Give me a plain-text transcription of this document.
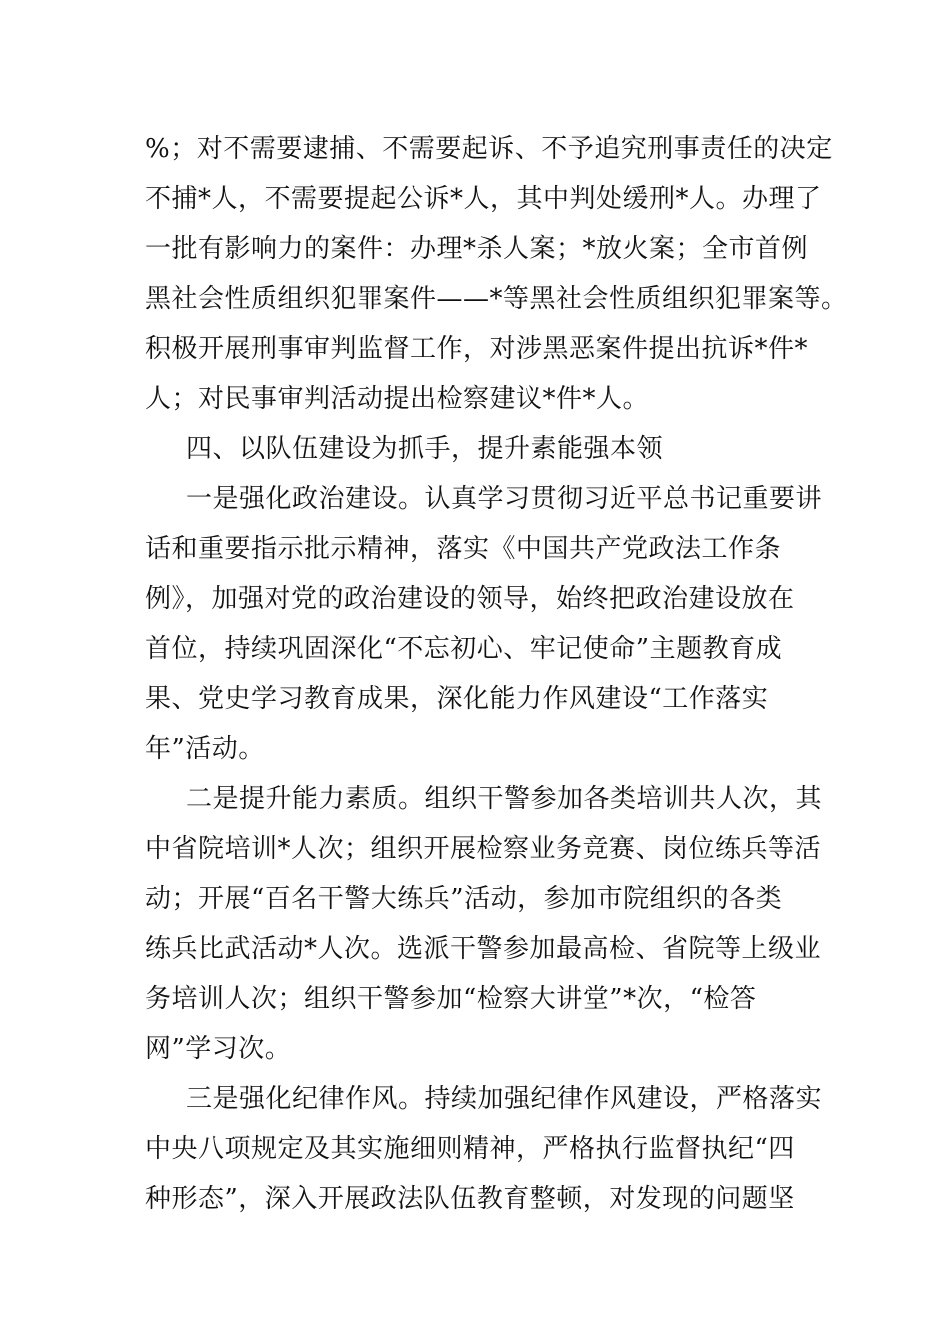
%；对不需要逮捕、不需要起诉、不予追究刑事责任的决定
不捕*人，不需要提起公诉*人，其中判处缓刑*人。办理了
一批有影响力的案件：办理*杀人案；*放火案；全市首例
黑社会性质组织犯罪案件——*等黑社会性质组织犯罪案等。
积极开展刑事审判监督工作，对涉黑恶案件提出抗诉*件*
人；对民事审判活动提出检察建议*件*人。
四、以队伍建设为抓手，提升素能强本领
一是强化政治建设。认真学习贯彻习近平总书记重要讲
话和重要指示批示精神，落实《中国共产党政法工作条
例》，加强对党的政治建设的领导，始终把政治建设放在
首位，持续巩固深化“不忘初心、牢记使命”主题教育成
果、党史学习教育成果，深化能力作风建设“工作落实
年”活动。
二是提升能力素质。组织干警参加各类培训共人次，其
中省院培训*人次；组织开展检察业务竞赛、岗位练兵等活
动；开展“百名干警大练兵”活动，参加市院组织的各类
练兵比武活动*人次。选派干警参加最高检、省院等上级业
务培训人次；组织干警参加“检察大讲堂”*次，“检答
网”学习次。
三是强化纪律作风。持续加强纪律作风建设，严格落实
中央八项规定及其实施细则精神，严格执行监督执纪“四
种形态”，深入开展政法队伍教育整顿，对发现的问题坚
